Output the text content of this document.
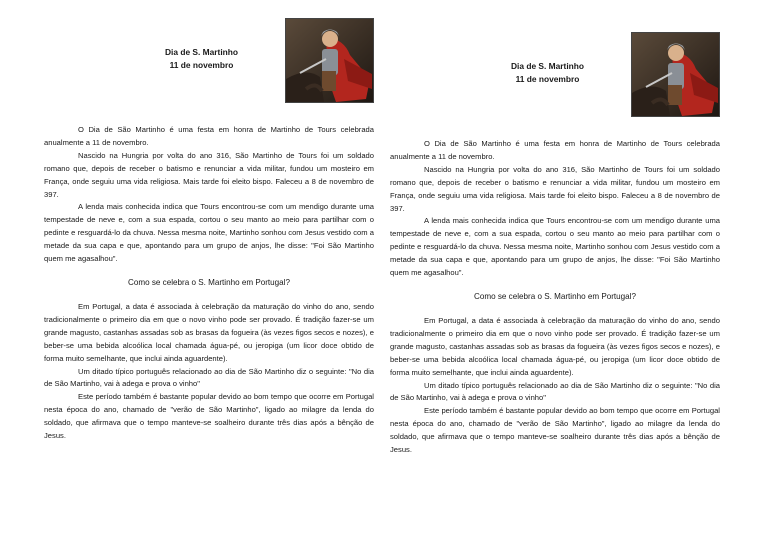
Dia de S. Martinho
11 de novembro

O Dia de São Martinho é uma festa em honra de Martinho de Tours celebrada anualmente a 11 de novembro.

Nascido na Hungria por volta do ano 316, São Martinho de Tours foi um soldado romano que, depois de receber o batismo e renunciar a vida militar, fundou um mosteiro em França, onde seguiu uma vida religiosa. Mais tarde foi eleito bispo. Faleceu a 8 de novembro de 397.

A lenda mais conhecida indica que Tours encontrou-se com um mendigo durante uma tempestade de neve e, com a sua espada, cortou o seu manto ao meio para partilhar com o pedinte e resguardá-lo da chuva. Nessa mesma noite, Martinho sonhou com Jesus vestido com a metade da sua capa e que, apontando para um grupo de anjos, lhe disse: "Foi São Martinho quem me agasalhou".

Como se celebra o S. Martinho em Portugal?

Em Portugal, a data é associada à celebração da maturação do vinho do ano, sendo tradicionalmente o primeiro dia em que o novo vinho pode ser provado. É tradição fazer-se um grande magusto, castanhas assadas sob as brasas da fogueira (às vezes figos secos e nozes), e beber-se uma bebida alcoólica local chamada água-pé, ou jeropiga (um licor doce obtido de forma muito semelhante, que inclui ainda aguardente).

Um ditado típico português relacionado ao dia de São Martinho diz o seguinte: "No dia de São Martinho, vai à adega e prova o vinho"

Este período também é bastante popular devido ao bom tempo que ocorre em Portugal nesta época do ano, chamado de "verão de São Martinho", ligado ao milagre da lenda do soldado, que afirmava que o tempo manteve-se soalheiro durante três dias após a bênção de Jesus.

Dia de S. Martinho
11 de novembro

O Dia de São Martinho é uma festa em honra de Martinho de Tours celebrada anualmente a 11 de novembro.

Nascido na Hungria por volta do ano 316, São Martinho de Tours foi um soldado romano que, depois de receber o batismo e renunciar a vida militar, fundou um mosteiro em França, onde seguiu uma vida religiosa. Mais tarde foi eleito bispo. Faleceu a 8 de novembro de 397.

A lenda mais conhecida indica que Tours encontrou-se com um mendigo durante uma tempestade de neve e, com a sua espada, cortou o seu manto ao meio para partilhar com o pedinte e resguardá-lo da chuva. Nessa mesma noite, Martinho sonhou com Jesus vestido com a metade da sua capa e que, apontando para um grupo de anjos, lhe disse: "Foi São Martinho quem me agasalhou".

Como se celebra o S. Martinho em Portugal?

Em Portugal, a data é associada à celebração da maturação do vinho do ano, sendo tradicionalmente o primeiro dia em que o novo vinho pode ser provado. É tradição fazer-se um grande magusto, castanhas assadas sob as brasas da fogueira (às vezes figos secos e nozes), e beber-se uma bebida alcoólica local chamada água-pé, ou jeropiga (um licor doce obtido de forma muito semelhante, que inclui ainda aguardente).

Um ditado típico português relacionado ao dia de São Martinho diz o seguinte: "No dia de São Martinho, vai à adega e prova o vinho"

Este período também é bastante popular devido ao bom tempo que ocorre em Portugal nesta época do ano, chamado de "verão de São Martinho", ligado ao milagre da lenda do soldado, que afirmava que o tempo manteve-se soalheiro durante três dias após a bênção de Jesus.
